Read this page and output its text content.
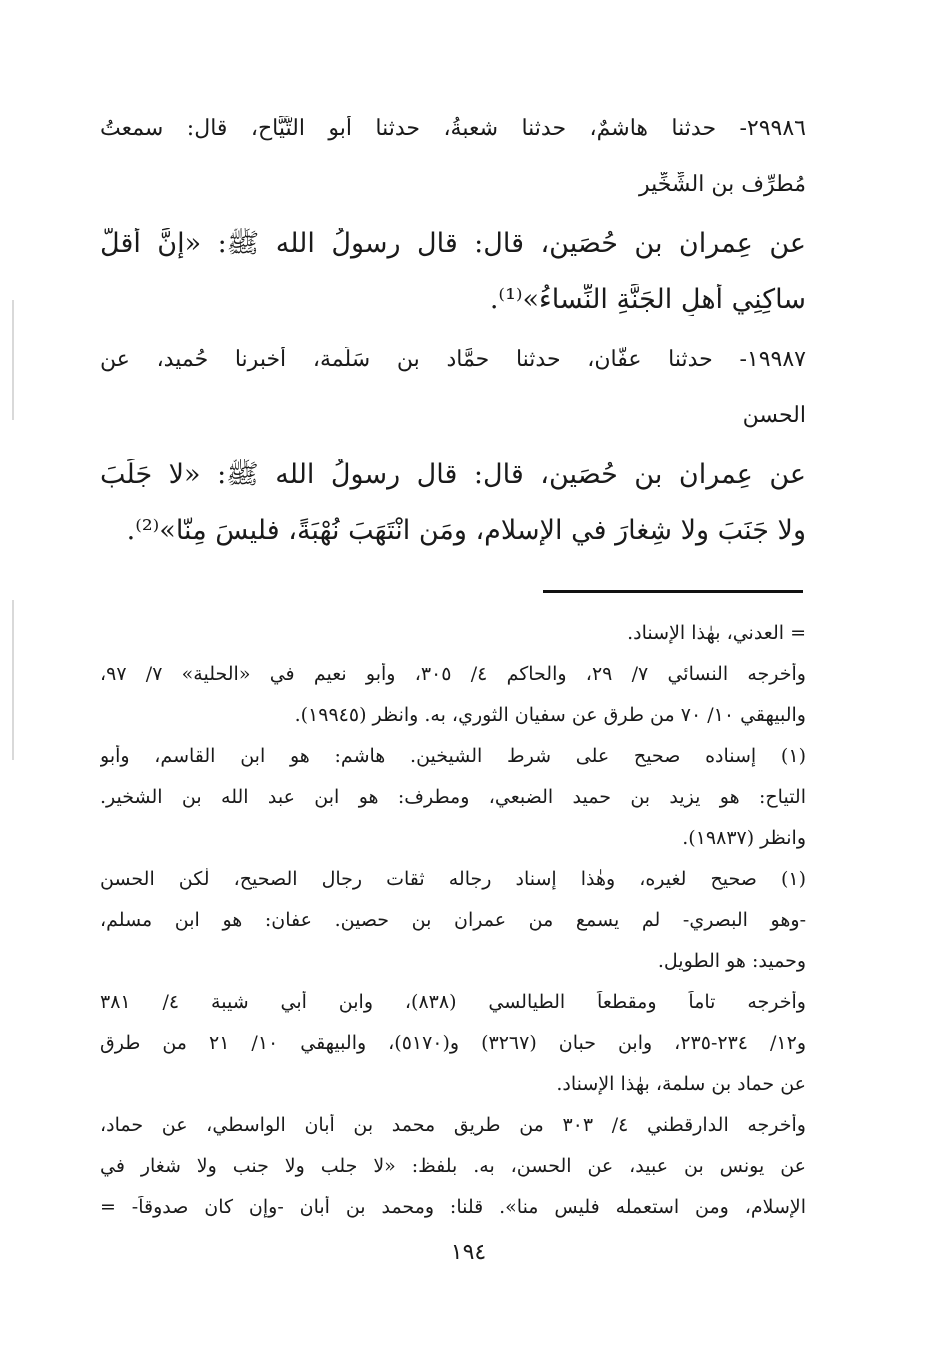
٢٩٩٨٦- حدثنا هاشمٌ، حدثنا شعبةُ، حدثنا أبو التَّيَّاح، قال: سمعتُ
مُطرِّف بن الشِّخِّير
عن عِمران بن حُصَين، قال: قال رسولُ الله ﷺ: «إنَّ أقلَّ
ساكِنِي أهلِ الجَنَّةِ النِّساءُ»⁽¹⁾.
١٩٩٨٧- حدثنا عفَّان، حدثنا حمَّاد بن سَلَمة، أخبرنا حُميد، عن
الحسن
عن عِمران بن حُصَين، قال: قال رسولُ الله ﷺ: «لا جَلَبَ
ولا جَنَبَ ولا شِغارَ في الإسلامِ، ومَنِ انْتَهَبَ نُهْبَةً، فليسَ مِنّا»⁽²⁾.
= العدني، بهٰذا الإسناد.
وأخرجه النسائي ٧/ ٢٩، والحاكم ٤/ ٣٠٥، وأبو نعيم في «الحلية» ٧/ ٩٧،
والبيهقي ١٠/ ٧٠ من طرق عن سفيان الثوري، به. وانظر (١٩٩٤٥).
(١) إسناده صحيح على شرط الشيخين. هاشم: هو ابن القاسم، وأبو
التياح: هو يزيد بن حميد الضبعي، ومطرف: هو ابن عبد الله بن الشخير.
وانظر (١٩٨٣٧).
(١) صحيح لغيره، وهٰذا إسناد رجاله ثقات رجال الصحيح، لٰكن الحسن
-وهو البصري- لم يسمع من عمران بن حصين. عفان: هو ابن مسلم،
وحميد: هو الطويل.
وأخرجه تاماً ومقطعاً الطيالسي (٨٣٨)، وابن أبي شيبة ٤/ ٣٨١
و١٢/ ٢٣٤-٢٣٥، وابن حبان (٣٢٦٧) و(٥١٧٠)، والبيهقي ١٠/ ٢١ من طرق
عن حماد بن سلمة، بهٰذا الإسناد.
وأخرجه الدارقطني ٤/ ٣٠٣ من طريق محمد بن أبان الواسطي، عن حماد،
عن يونس بن عبيد، عن الحسن، به. بلفظ: «لا جلب ولا جنب ولا شغار في
الإسلام، ومن استعمله فليس منا». قلنا: ومحمد بن أبان -وإن كان صدوقاً- =
١٩٤
